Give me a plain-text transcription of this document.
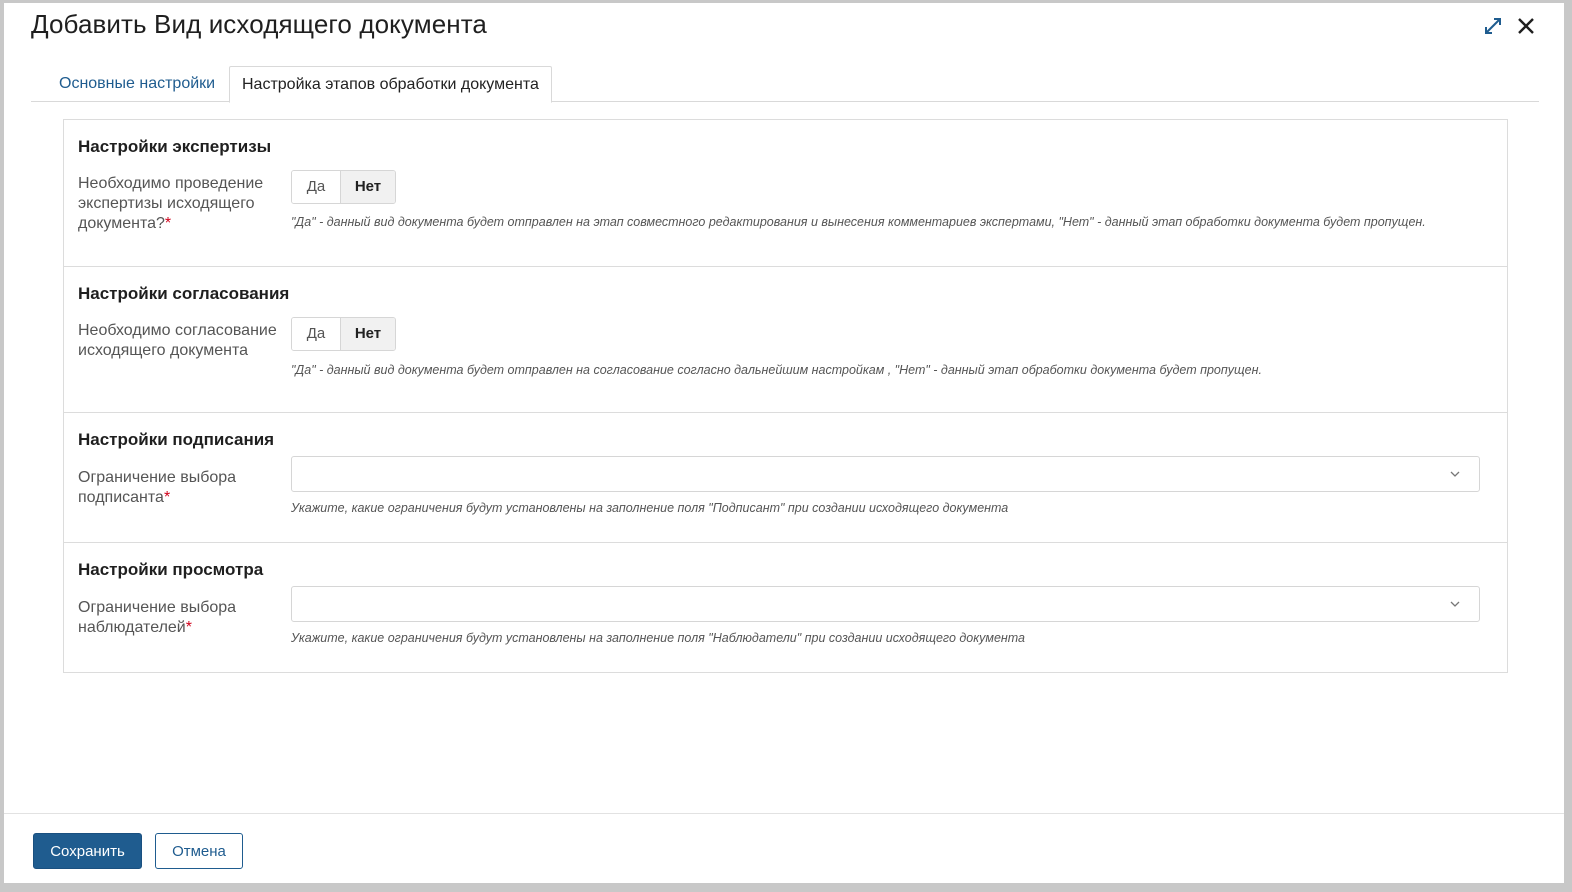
Добавить Вид исходящего документа
Основные настройки	Настройка этапов обработки документа
Настройки экспертизы
Необходимо проведение экспертизы исходящего документа?*
Да	Нет
"Да" - данный вид документа будет отправлен на этап совместного редактирования и вынесения комментариев экспертами, "Нет" - данный этап обработки документа будет пропущен.
Настройки согласования
Необходимо согласование исходящего документа
Да	Нет
"Да" - данный вид документа будет отправлен на согласование согласно дальнейшим настройкам , "Нет" - данный этап обработки документа будет пропущен.
Настройки подписания
Ограничение выбора подписанта*
Укажите, какие ограничения будут установлены на заполнение поля "Подписант" при создании исходящего документа
Настройки просмотра
Ограничение выбора наблюдателей*
Укажите, какие ограничения будут установлены на заполнение поля "Наблюдатели" при создании исходящего документа
Сохранить	Отмена
